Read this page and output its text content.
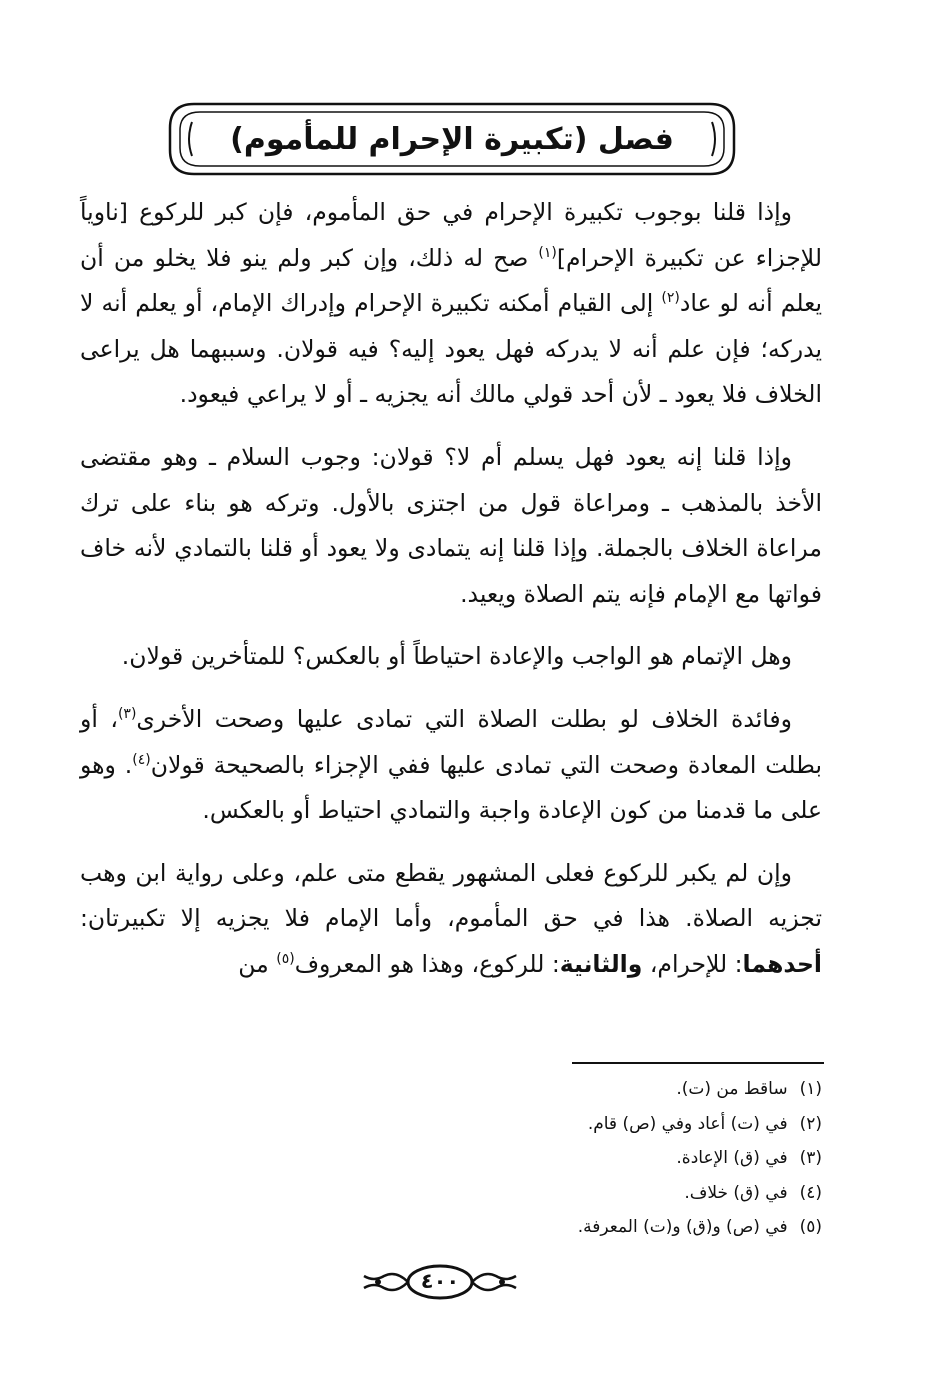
فصل (تكبيرة الإحرام للمأموم)

وإذا قلنا بوجوب تكبيرة الإحرام في حق المأموم، فإن كبر للركوع [ناوياً للإجزاء عن تكبيرة الإحرام]$^{(١)}$ صح له ذلك، وإن كبر ولم ينو فلا يخلو من أن يعلم أنه لو عاد$^{(٢)}$ إلى القيام أمكنه تكبيرة الإحرام وإدراك الإمام، أو يعلم أنه لا يدركه؛ فإن علم أنه لا يدركه فهل يعود إليه؟ فيه قولان. وسببهما هل يراعى الخلاف فلا يعود ـ لأن أحد قولي مالك أنه يجزيه ـ أو لا يراعي فيعود.

وإذا قلنا إنه يعود فهل يسلم أم لا؟ قولان: وجوب السلام ـ وهو مقتضى الأخذ بالمذهب ـ ومراعاة قول من اجتزى بالأول. وتركه هو بناء على ترك مراعاة الخلاف بالجملة. وإذا قلنا إنه يتمادى ولا يعود أو قلنا بالتمادي لأنه خاف فواتها مع الإمام فإنه يتم الصلاة ويعيد.

وهل الإتمام هو الواجب والإعادة احتياطاً أو بالعكس؟ للمتأخرين قولان.

وفائدة الخلاف لو بطلت الصلاة التي تمادى عليها وصحت الأخرى$^{(٣)}$، أو بطلت المعادة وصحت التي تمادى عليها ففي الإجزاء بالصحيحة قولان$^{(٤)}$. وهو على ما قدمنا من كون الإعادة واجبة والتمادي احتياط أو بالعكس.

وإن لم يكبر للركوع فعلى المشهور يقطع متى علم، وعلى رواية ابن وهب تجزيه الصلاة. هذا في حق المأموم، وأما الإمام فلا يجزيه إلا تكبيرتان: أحدهما: للإحرام، والثانية: للركوع، وهذا هو المعروف$^{(٥)}$ من

(١)ساقط من (ت).
(٢)في (ت) أعاد وفي (ص) قام.
(٣)في (ق) الإعادة.
(٤)في (ق) خلاف.
(٥)في (ص) و(ق) و(ت) المعرفة.
٤٠٠
